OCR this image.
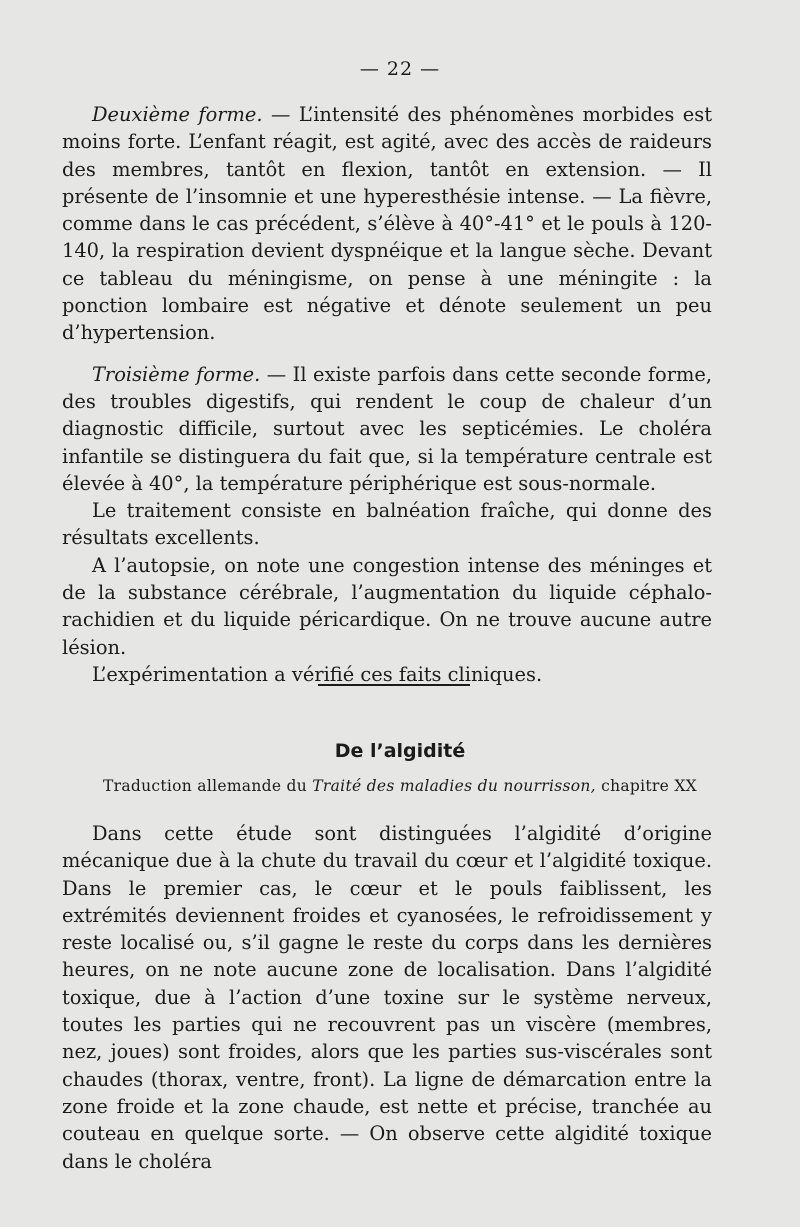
— 22 —

Deuxième forme. — L’intensité des phénomènes morbides est moins forte. L’enfant réagit, est agité, avec des accès de raideurs des membres, tantôt en flexion, tantôt en extension. — Il présente de l’insomnie et une hyperesthésie intense. — La fièvre, comme dans le cas précédent, s’élève à 40°-41° et le pouls à 120-140, la respiration devient dyspnéique et la langue sèche. Devant ce tableau du méningisme, on pense à une méningite : la ponction lombaire est négative et dénote seulement un peu d’hypertension.

Troisième forme. — Il existe parfois dans cette seconde forme, des troubles digestifs, qui rendent le coup de chaleur d’un diagnostic difficile, surtout avec les septicémies. Le choléra infantile se distinguera du fait que, si la température centrale est élevée à 40°, la température périphérique est sous-normale.

Le traitement consiste en balnéation fraîche, qui donne des résultats excellents.

A l’autopsie, on note une congestion intense des méninges et de la substance cérébrale, l’augmentation du liquide céphalo-rachidien et du liquide péricardique. On ne trouve aucune autre lésion.

L’expérimentation a vérifié ces faits cliniques.

De l’algidité
Traduction allemande du Traité des maladies du nourrisson, chapitre XX

Dans cette étude sont distinguées l’algidité d’origine mécanique due à la chute du travail du cœur et l’algidité toxique. Dans le premier cas, le cœur et le pouls faiblissent, les extrémités deviennent froides et cyanosées, le refroidissement y reste localisé ou, s’il gagne le reste du corps dans les dernières heures, on ne note aucune zone de localisation. Dans l’algidité toxique, due à l’action d’une toxine sur le système nerveux, toutes les parties qui ne recouvrent pas un viscère (membres, nez, joues) sont froides, alors que les parties sus-viscérales sont chaudes (thorax, ventre, front). La ligne de démarcation entre la zone froide et la zone chaude, est nette et précise, tranchée au couteau en quelque sorte. — On observe cette algidité toxique dans le choléra
